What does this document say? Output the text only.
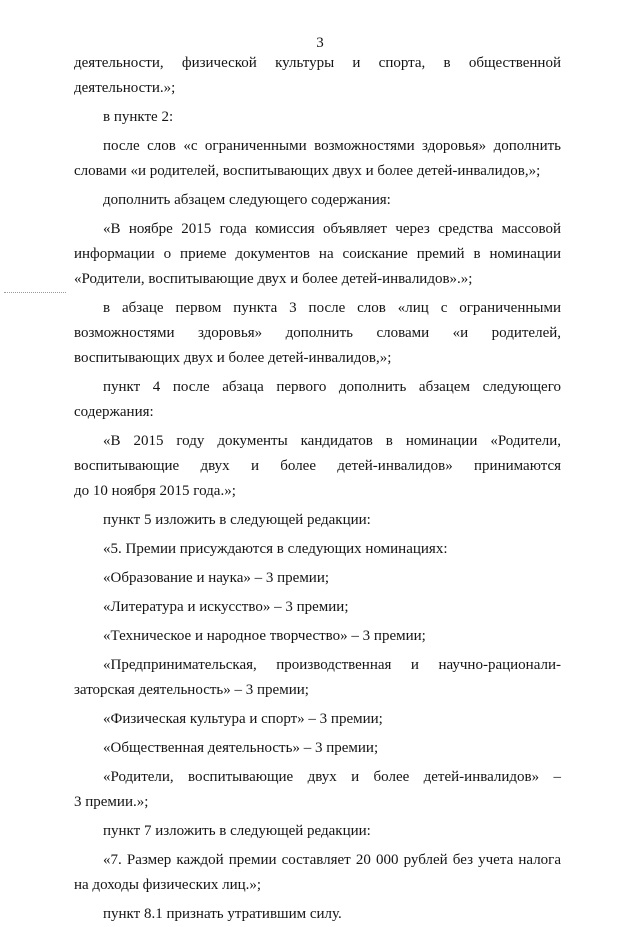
3
деятельности, физической культуры и спорта, в общественной
деятельности.»;
в пункте 2:
после слов «с ограниченными возможностями здоровья» дополнить
словами «и родителей, воспитывающих двух и более детей-инвалидов,»;
дополнить абзацем следующего содержания:
«В ноябре 2015 года комиссия объявляет через средства массовой
информации о приеме документов на соискание премий в номинации
«Родители, воспитывающие двух и более детей-инвалидов».»;
в абзаце первом пункта 3 после слов «лиц с ограниченными
возможностями здоровья» дополнить словами «и родителей,
воспитывающих двух и более детей-инвалидов,»;
пункт 4 после абзаца первого дополнить абзацем следующего
содержания:
«В 2015 году документы кандидатов в номинации «Родители,
воспитывающие двух и более детей-инвалидов» принимаются
до 10 ноября 2015 года.»;
пункт 5 изложить в следующей редакции:
«5. Премии присуждаются в следующих номинациях:
«Образование и наука» – 3 премии;
«Литература и искусство» – 3 премии;
«Техническое и народное творчество» – 3 премии;
«Предпринимательская, производственная и научно-рационали-
заторская деятельность» – 3 премии;
«Физическая культура и спорт» – 3 премии;
«Общественная деятельность» – 3 премии;
«Родители, воспитывающие двух и более детей-инвалидов» –
3 премии.»;
пункт 7 изложить в следующей редакции:
«7. Размер каждой премии составляет 20 000 рублей без учета налога
на доходы физических лиц.»;
пункт 8.1 признать утратившим силу.
